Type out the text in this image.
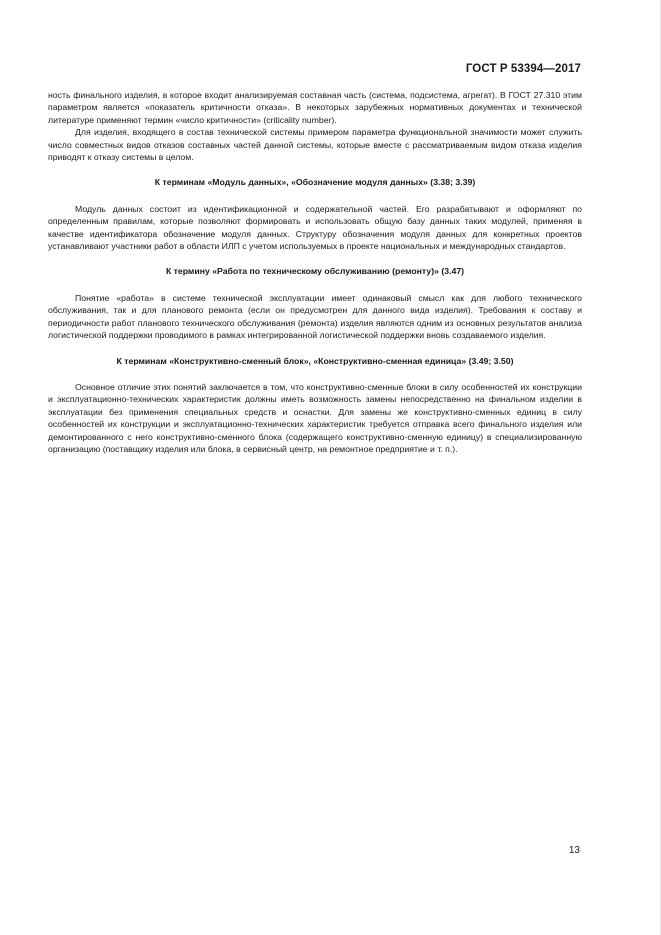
ГОСТ Р 53394—2017

ность финального изделия, в которое входит анализируемая составная часть (система, подсистема, агрегат). В ГОСТ 27.310 этим параметром является «показатель критичности отказа». В некоторых зарубежных нормативных документах и технической литературе применяют термин «число критичности» (criticality number).

Для изделия, входящего в состав технической системы примером параметра функциональной значимости может служить число совместных видов отказов составных частей данной системы, которые вместе с рассматриваемым видом отказа изделия приводят к отказу системы в целом.

К терминам «Модуль данных», «Обозначение модуля данных» (3.38; 3.39)

Модуль данных состоит из идентификационной и содержательной частей. Его разрабатывают и оформляют по определенным правилам, которые позволяют формировать и использовать общую базу данных таких модулей, применяя в качестве идентификатора обозначение модуля данных. Структуру обозначения модуля данных для конкретных проектов устанавливают участники работ в области ИЛП с учетом используемых в проекте национальных и международных стандартов.

К термину «Работа по техническому обслуживанию (ремонту)» (3.47)

Понятие «работа» в системе технической эксплуатации имеет одинаковый смысл как для любого технического обслуживания, так и для планового ремонта (если он предусмотрен для данного вида изделия). Требования к составу и периодичности работ планового технического обслуживания (ремонта) изделия являются одним из основных результатов анализа логистической поддержки проводимого в рамках интегрированной логистической поддержки вновь создаваемого изделия.

К терминам «Конструктивно-сменный блок», «Конструктивно-сменная единица» (3.49; 3.50)

Основное отличие этих понятий заключается в том, что конструктивно-сменные блоки в силу особенностей их конструкции и эксплуатационно-технических характеристик должны иметь возможность замены непосредственно на финальном изделии в эксплуатации без применения специальных средств и оснастки. Для замены же конструктивно-сменных единиц в силу особенностей их конструкции и эксплуатационно-технических характеристик требуется отправка всего финального изделия или демонтированного с него конструктивно-сменного блока (содержащего конструктивно-сменную единицу) в специализированную организацию (поставщику изделия или блока, в сервисный центр, на ремонтное предприятие и т. п.).

13
